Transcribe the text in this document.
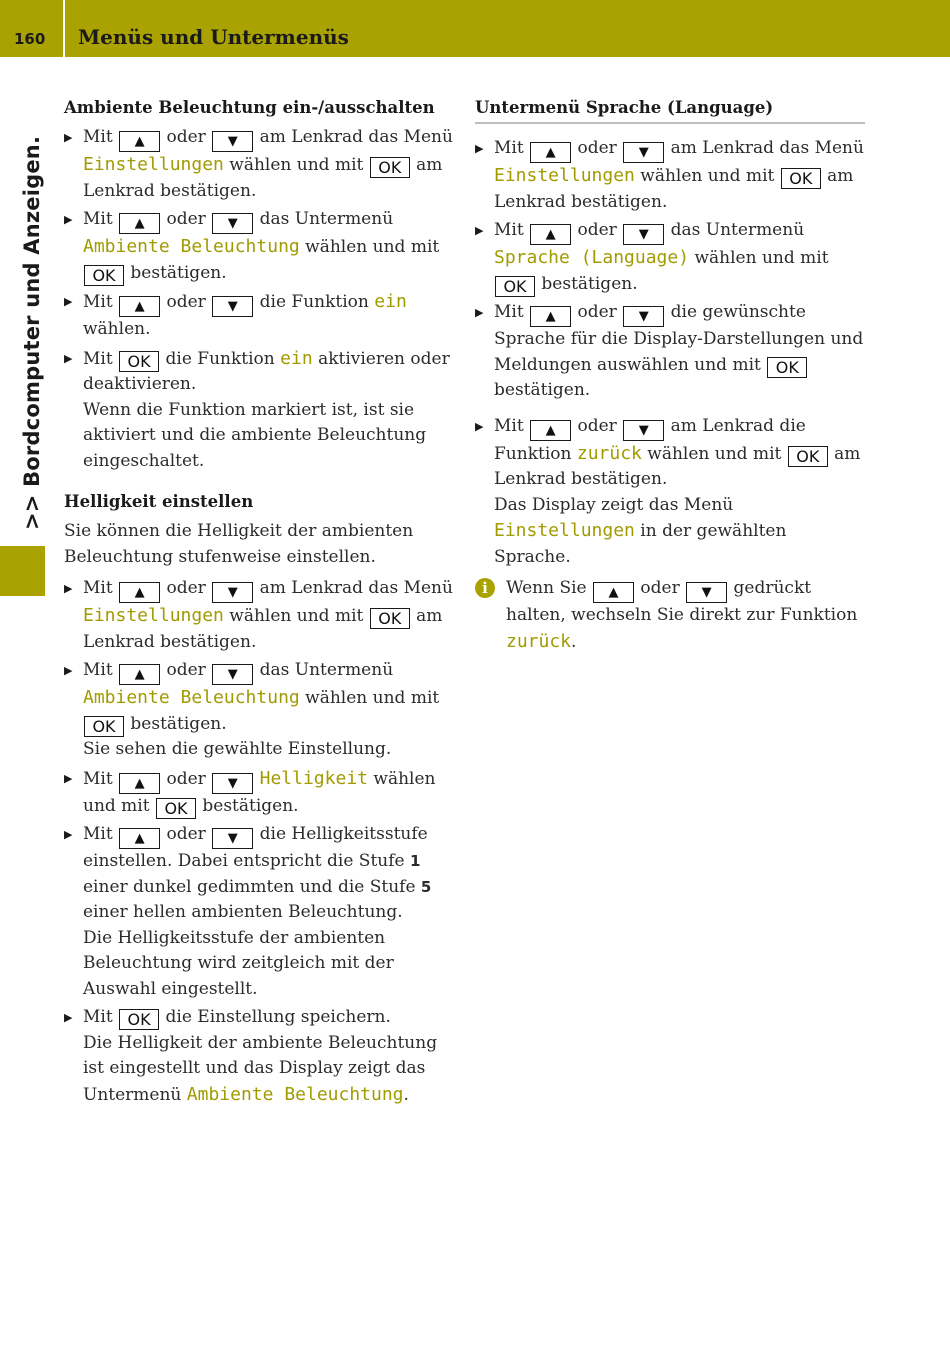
160 Menüs und Untermenüs
>> Bordcomputer und Anzeigen.
Ambiente Beleuchtung ein-/ausschalten
▶ Mit ▲ oder ▼ am Lenkrad das Menü Einstellungen wählen und mit OK am Lenkrad bestätigen.
▶ Mit ▲ oder ▼ das Untermenü Ambiente Beleuchtung wählen und mit OK bestätigen.
▶ Mit ▲ oder ▼ die Funktion ein wählen.
▶ Mit OK die Funktion ein aktivieren oder deaktivieren.
Wenn die Funktion markiert ist, ist sie aktiviert und die ambiente Beleuchtung eingeschaltet.
Helligkeit einstellen

Sie können die Helligkeit der ambienten Beleuchtung stufenweise einstellen.

▶ Mit ▲ oder ▼ am Lenkrad das Menü Einstellungen wählen und mit OK am Lenkrad bestätigen.
▶ Mit ▲ oder ▼ das Untermenü Ambiente Beleuchtung wählen und mit OK bestätigen.
Sie sehen die gewählte Einstellung.
▶ Mit ▲ oder ▼ Helligkeit wählen und mit OK bestätigen.
▶ Mit ▲ oder ▼ die Helligkeitsstufe einstellen. Dabei entspricht die Stufe 1 einer dunkel gedimmten und die Stufe 5 einer hellen ambienten Beleuchtung.
Die Helligkeitsstufe der ambienten Beleuchtung wird zeitgleich mit der Auswahl eingestellt.
▶ Mit OK die Einstellung speichern.
Die Helligkeit der ambiente Beleuchtung ist eingestellt und das Display zeigt das Untermenü Ambiente Beleuchtung.
Untermenü Sprache (Language)
▶ Mit ▲ oder ▼ am Lenkrad das Menü Einstellungen wählen und mit OK am Lenkrad bestätigen.
▶ Mit ▲ oder ▼ das Untermenü Sprache (Language) wählen und mit OK bestätigen.
▶ Mit ▲ oder ▼ die gewünschte Sprache für die Display-Darstellungen und Meldungen auswählen und mit OK bestätigen.
▶ Mit ▲ oder ▼ am Lenkrad die Funktion zurück wählen und mit OK am Lenkrad bestätigen.
Das Display zeigt das Menü Einstellungen in der gewählten Sprache.
i	Wenn Sie ▲ oder ▼ gedrückt halten, wechseln Sie direkt zur Funktion zurück.
